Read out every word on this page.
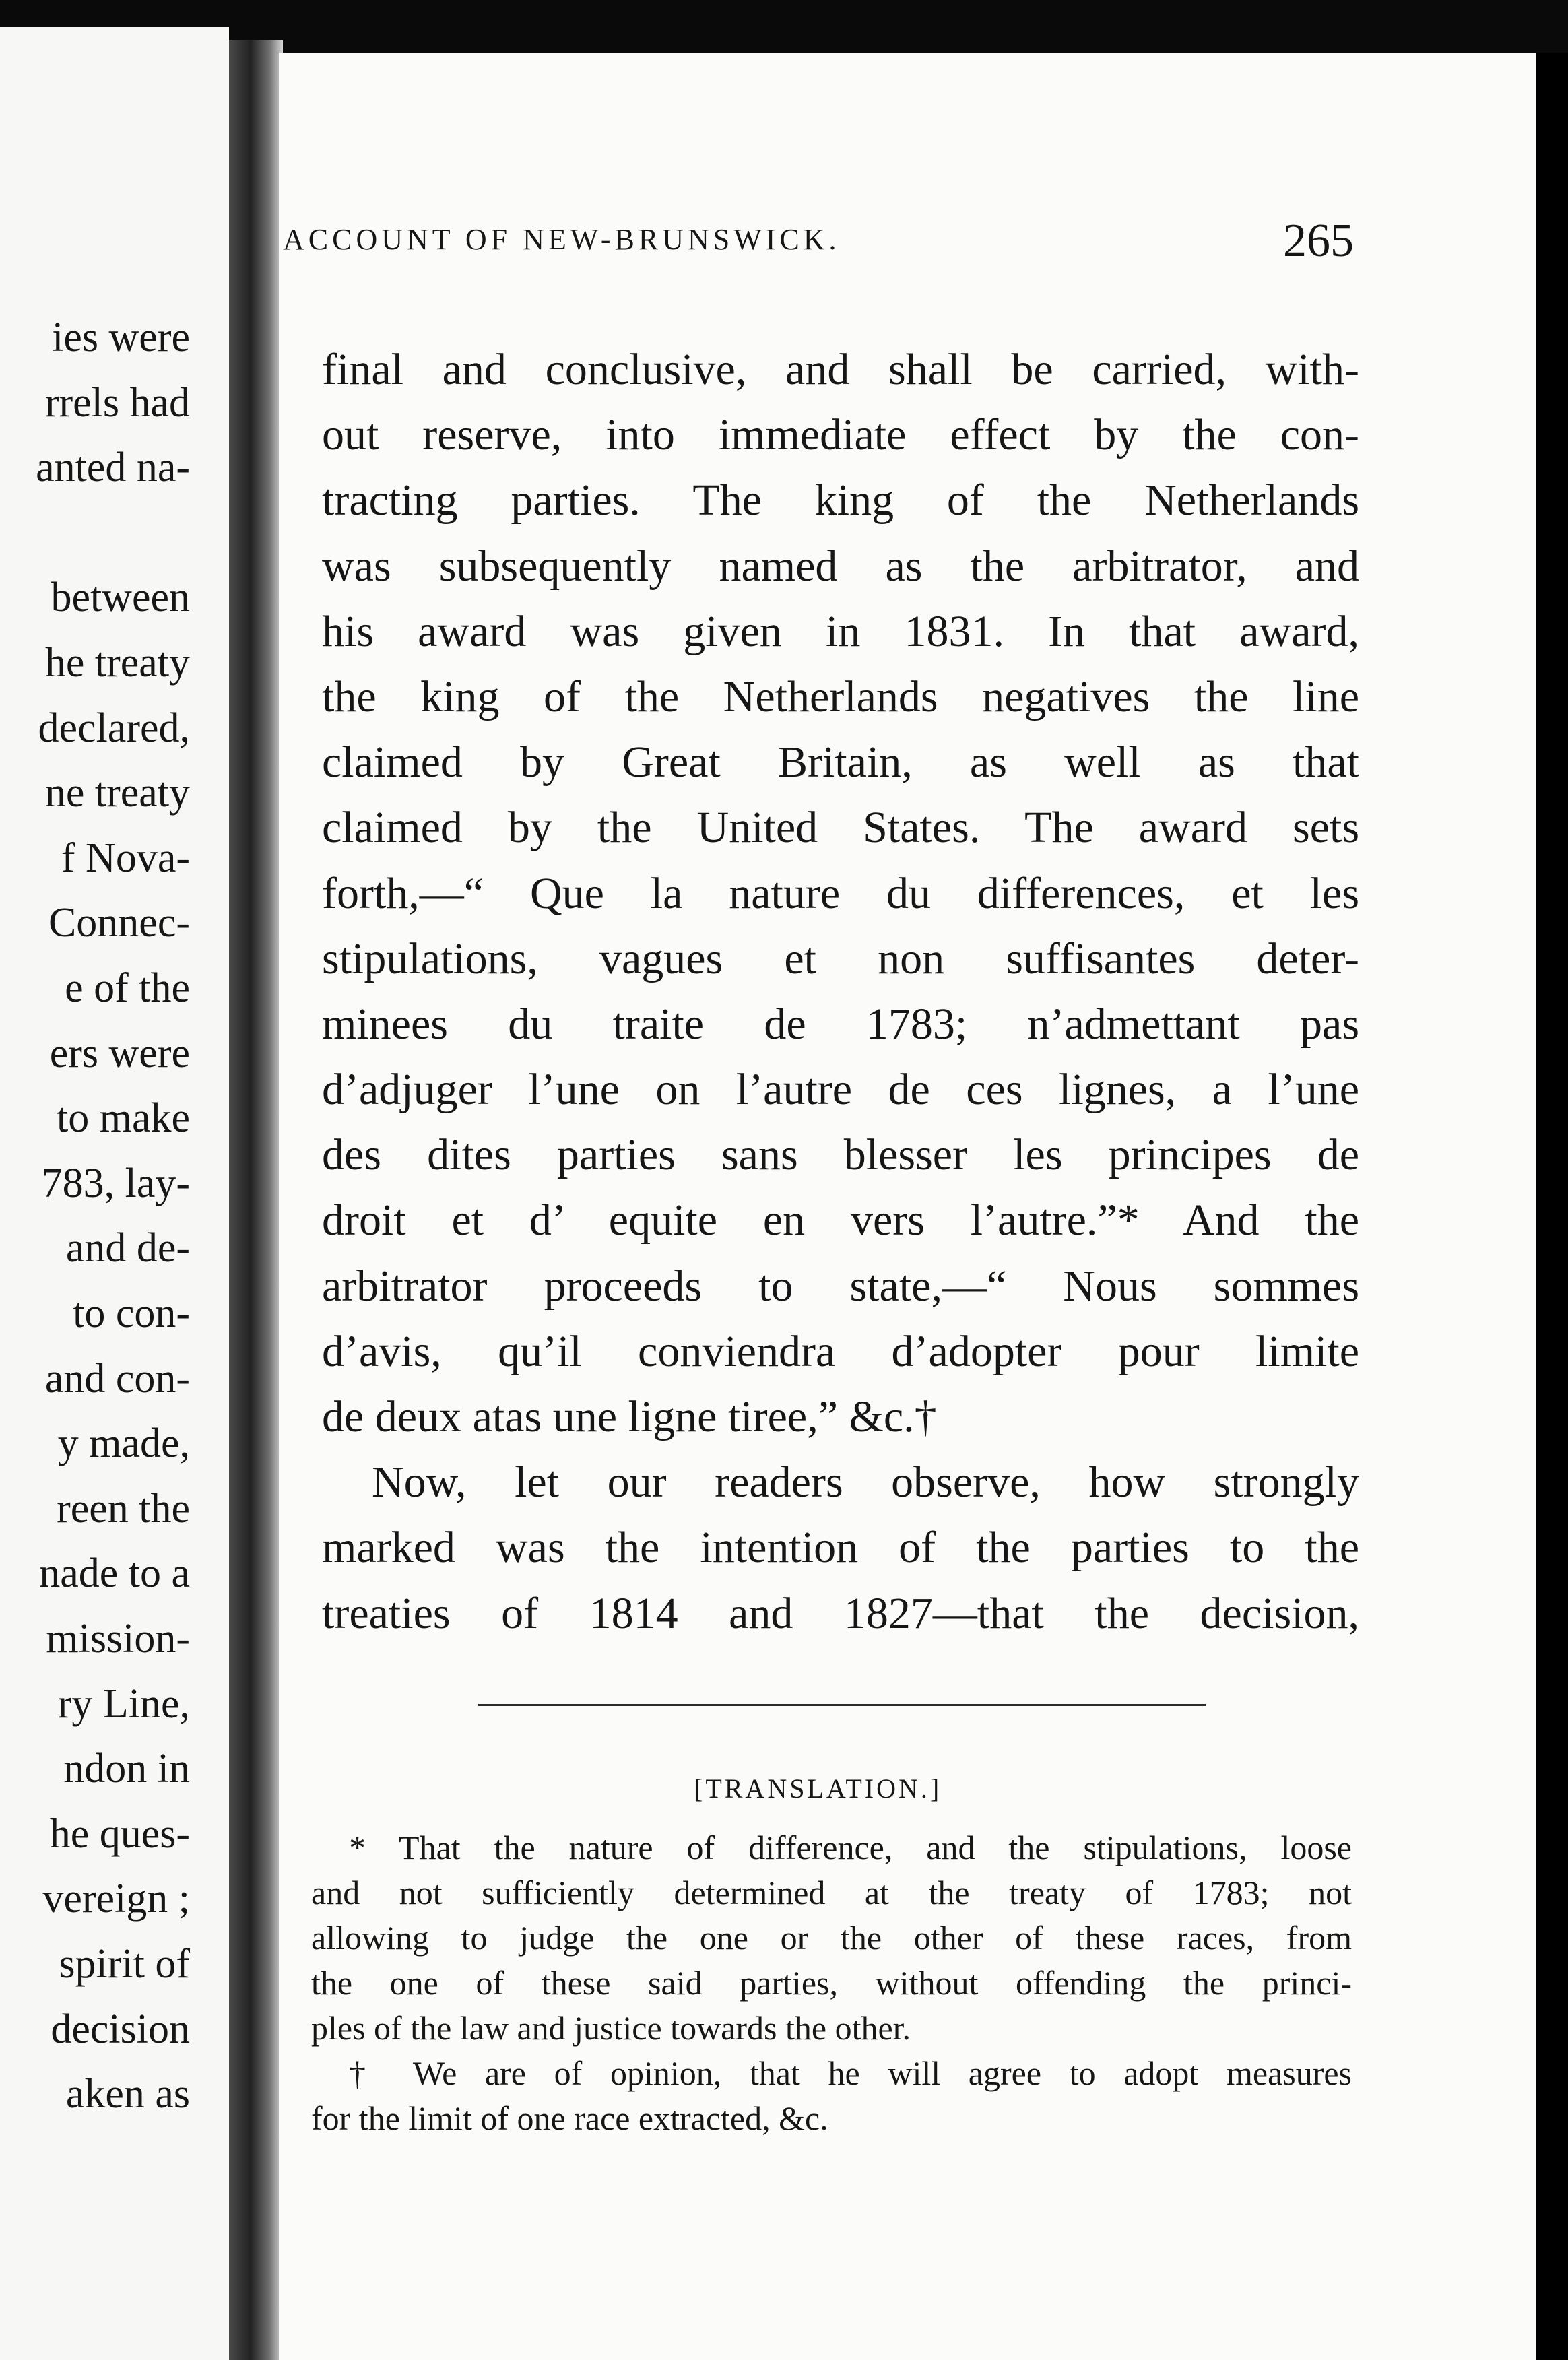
ies were
rrels had
anted na-
between
he treaty
declared,
ne treaty
f Nova-
Connec-
e of the
ers were
to make
783, lay-
and de-
to con-
and con-
y made,
reen the
nade to a
mission-
ry Line,
ndon in
he ques-
vereign ;
spirit of
decision
aken as
ACCOUNT OF NEW-BRUNSWICK.	265
final and conclusive, and shall be carried, with-
out reserve, into immediate effect by the con-
tracting parties. The king of the Netherlands
was subsequently named as the arbitrator, and
his award was given in 1831. In that award,
the king of the Netherlands negatives the line
claimed by Great Britain, as well as that
claimed by the United States. The award sets
forth,—“ Que la nature du differences, et les
stipulations, vagues et non suffisantes deter-
minees du traite de 1783; n’admettant pas
d’adjuger l’une on l’autre de ces lignes, a l’une
des dites parties sans blesser les principes de
droit et d’ equite en vers l’autre.”* And the
arbitrator proceeds to state,—“ Nous sommes
d’avis, qu’il conviendra d’adopter pour limite
de deux atas une ligne tiree,” &c.†
Now, let our readers observe, how strongly
marked was the intention of the parties to the
treaties of 1814 and 1827—that the decision,
[TRANSLATION.]
* That the nature of difference, and the stipulations, loose
and not sufficiently determined at the treaty of 1783; not
allowing to judge the one or the other of these races, from
the one of these said parties, without offending the princi-
ples of the law and justice towards the other.
† We are of opinion, that he will agree to adopt measures
for the limit of one race extracted, &c.
